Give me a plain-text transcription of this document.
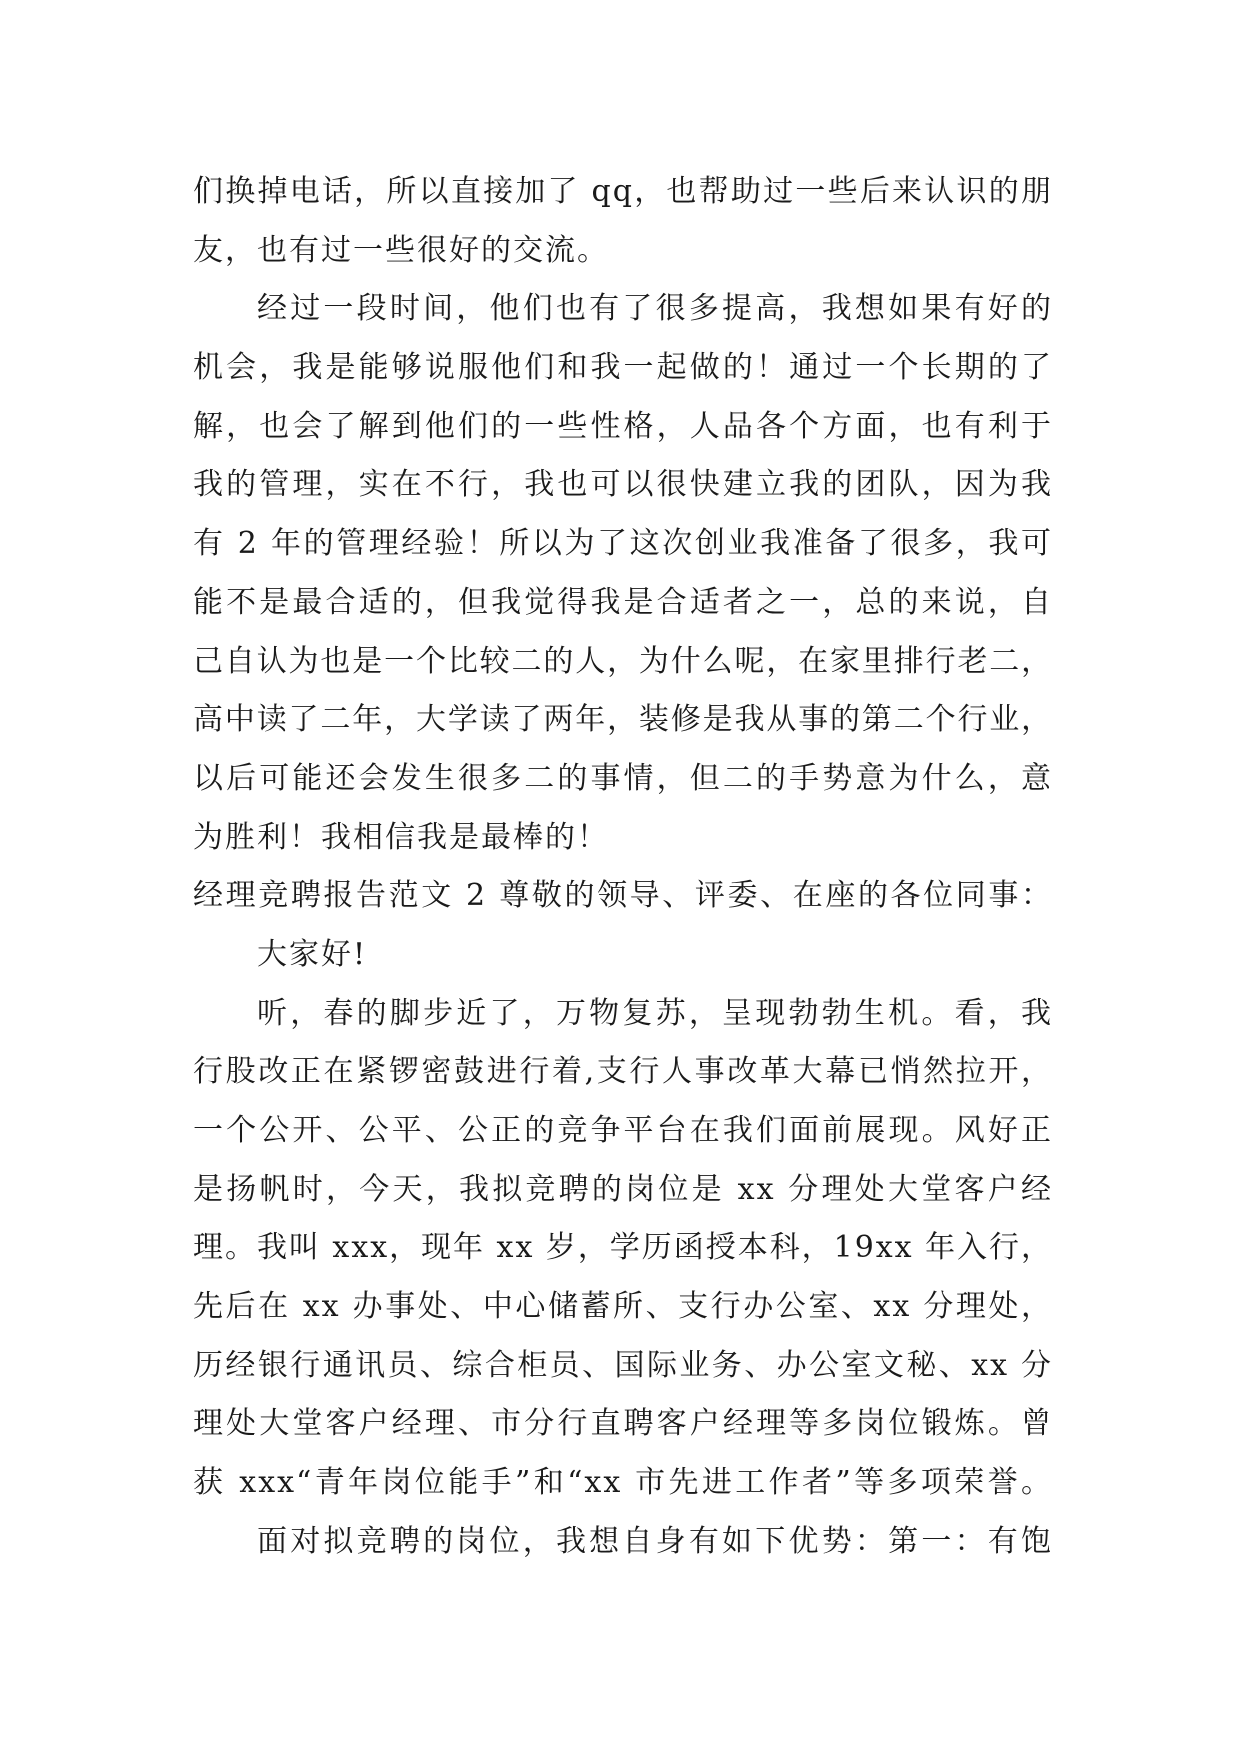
们换掉电话，所以直接加了 qq，也帮助过一些后来认识的朋
友，也有过一些很好的交流。
经过一段时间，他们也有了很多提高，我想如果有好的
机会，我是能够说服他们和我一起做的！通过一个长期的了
解，也会了解到他们的一些性格，人品各个方面，也有利于
我的管理，实在不行，我也可以很快建立我的团队，因为我
有 2 年的管理经验！所以为了这次创业我准备了很多，我可
能不是最合适的，但我觉得我是合适者之一，总的来说，自
己自认为也是一个比较二的人，为什么呢，在家里排行老二，
高中读了二年，大学读了两年，装修是我从事的第二个行业，
以后可能还会发生很多二的事情，但二的手势意为什么，意
为胜利！我相信我是最棒的！
经理竞聘报告范文 2 尊敬的领导、评委、在座的各位同事：
大家好!
听，春的脚步近了，万物复苏，呈现勃勃生机。看，我
行股改正在紧锣密鼓进行着,支行人事改革大幕已悄然拉开，
一个公开、公平、公正的竞争平台在我们面前展现。风好正
是扬帆时，今天，我拟竞聘的岗位是 xx 分理处大堂客户经
理。我叫 xxx，现年 xx 岁，学历函授本科，19xx 年入行，
先后在 xx 办事处、中心储蓄所、支行办公室、xx 分理处，
历经银行通讯员、综合柜员、国际业务、办公室文秘、xx 分
理处大堂客户经理、市分行直聘客户经理等多岗位锻炼。曾
获 xxx“青年岗位能手”和“xx 市先进工作者”等多项荣誉。
面对拟竞聘的岗位，我想自身有如下优势：第一：有饱
